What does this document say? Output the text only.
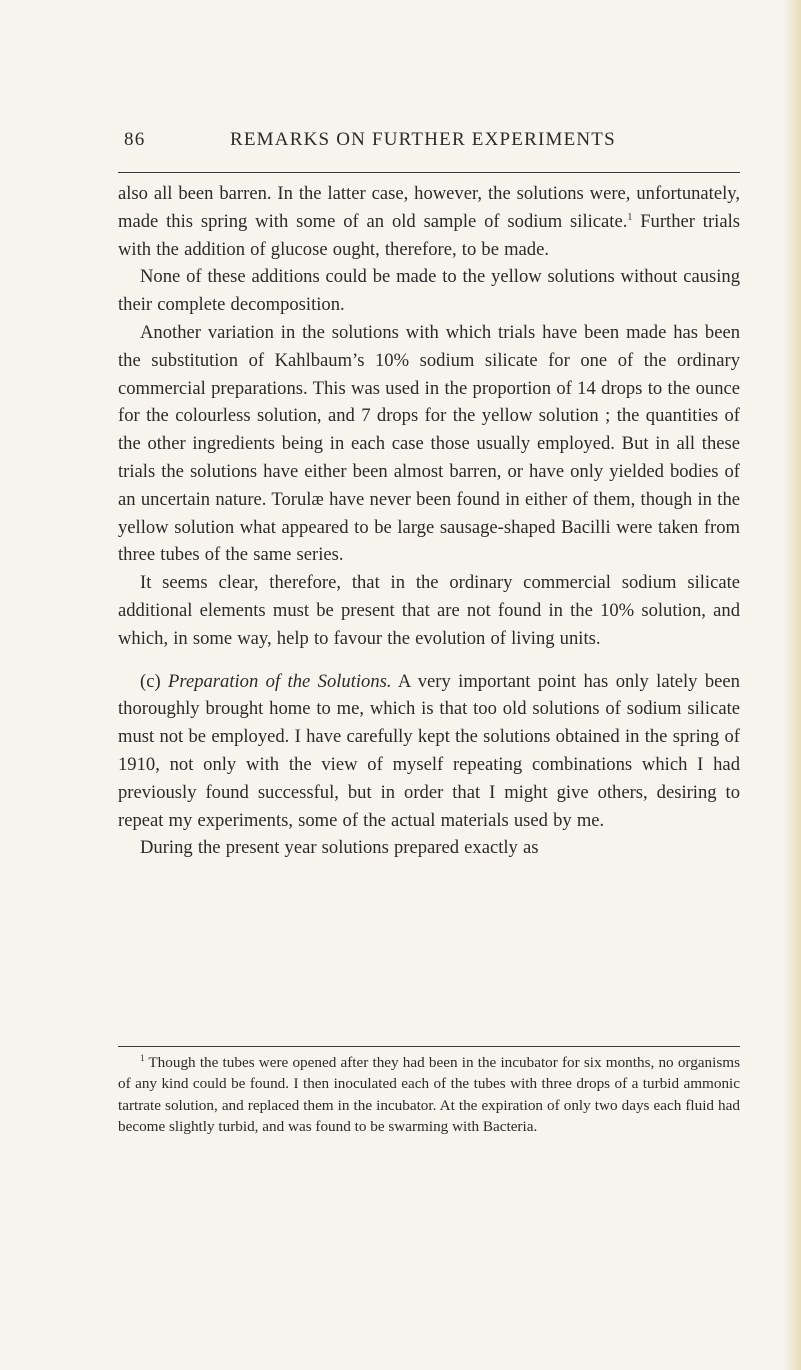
86	REMARKS ON FURTHER EXPERIMENTS

also all been barren. In the latter case, however, the solutions were, unfortunately, made this spring with some of an old sample of sodium silicate.$^1$ Further trials with the addition of glucose ought, therefore, to be made.

None of these additions could be made to the yellow solutions without causing their complete decomposition.

Another variation in the solutions with which trials have been made has been the substitution of Kahlbaum’s 10% sodium silicate for one of the ordinary commercial preparations. This was used in the proportion of 14 drops to the ounce for the colourless solution, and 7 drops for the yellow solution ; the quantities of the other ingredients being in each case those usually employed. But in all these trials the solutions have either been almost barren, or have only yielded bodies of an uncertain nature. Torulæ have never been found in either of them, though in the yellow solution what appeared to be large sausage-shaped Bacilli were taken from three tubes of the same series.

It seems clear, therefore, that in the ordinary commercial sodium silicate additional elements must be present that are not found in the 10% solution, and which, in some way, help to favour the evolution of living units.

(c) Preparation of the Solutions. A very important point has only lately been thoroughly brought home to me, which is that too old solutions of sodium silicate must not be employed. I have carefully kept the solutions obtained in the spring of 1910, not only with the view of myself repeating combinations which I had previously found successful, but in order that I might give others, desiring to repeat my experiments, some of the actual materials used by me.

During the present year solutions prepared exactly as

$^1$ Though the tubes were opened after they had been in the incubator for six months, no organisms of any kind could be found. I then inoculated each of the tubes with three drops of a turbid ammonic tartrate solution, and replaced them in the incubator. At the expiration of only two days each fluid had become slightly turbid, and was found to be swarming with Bacteria.
